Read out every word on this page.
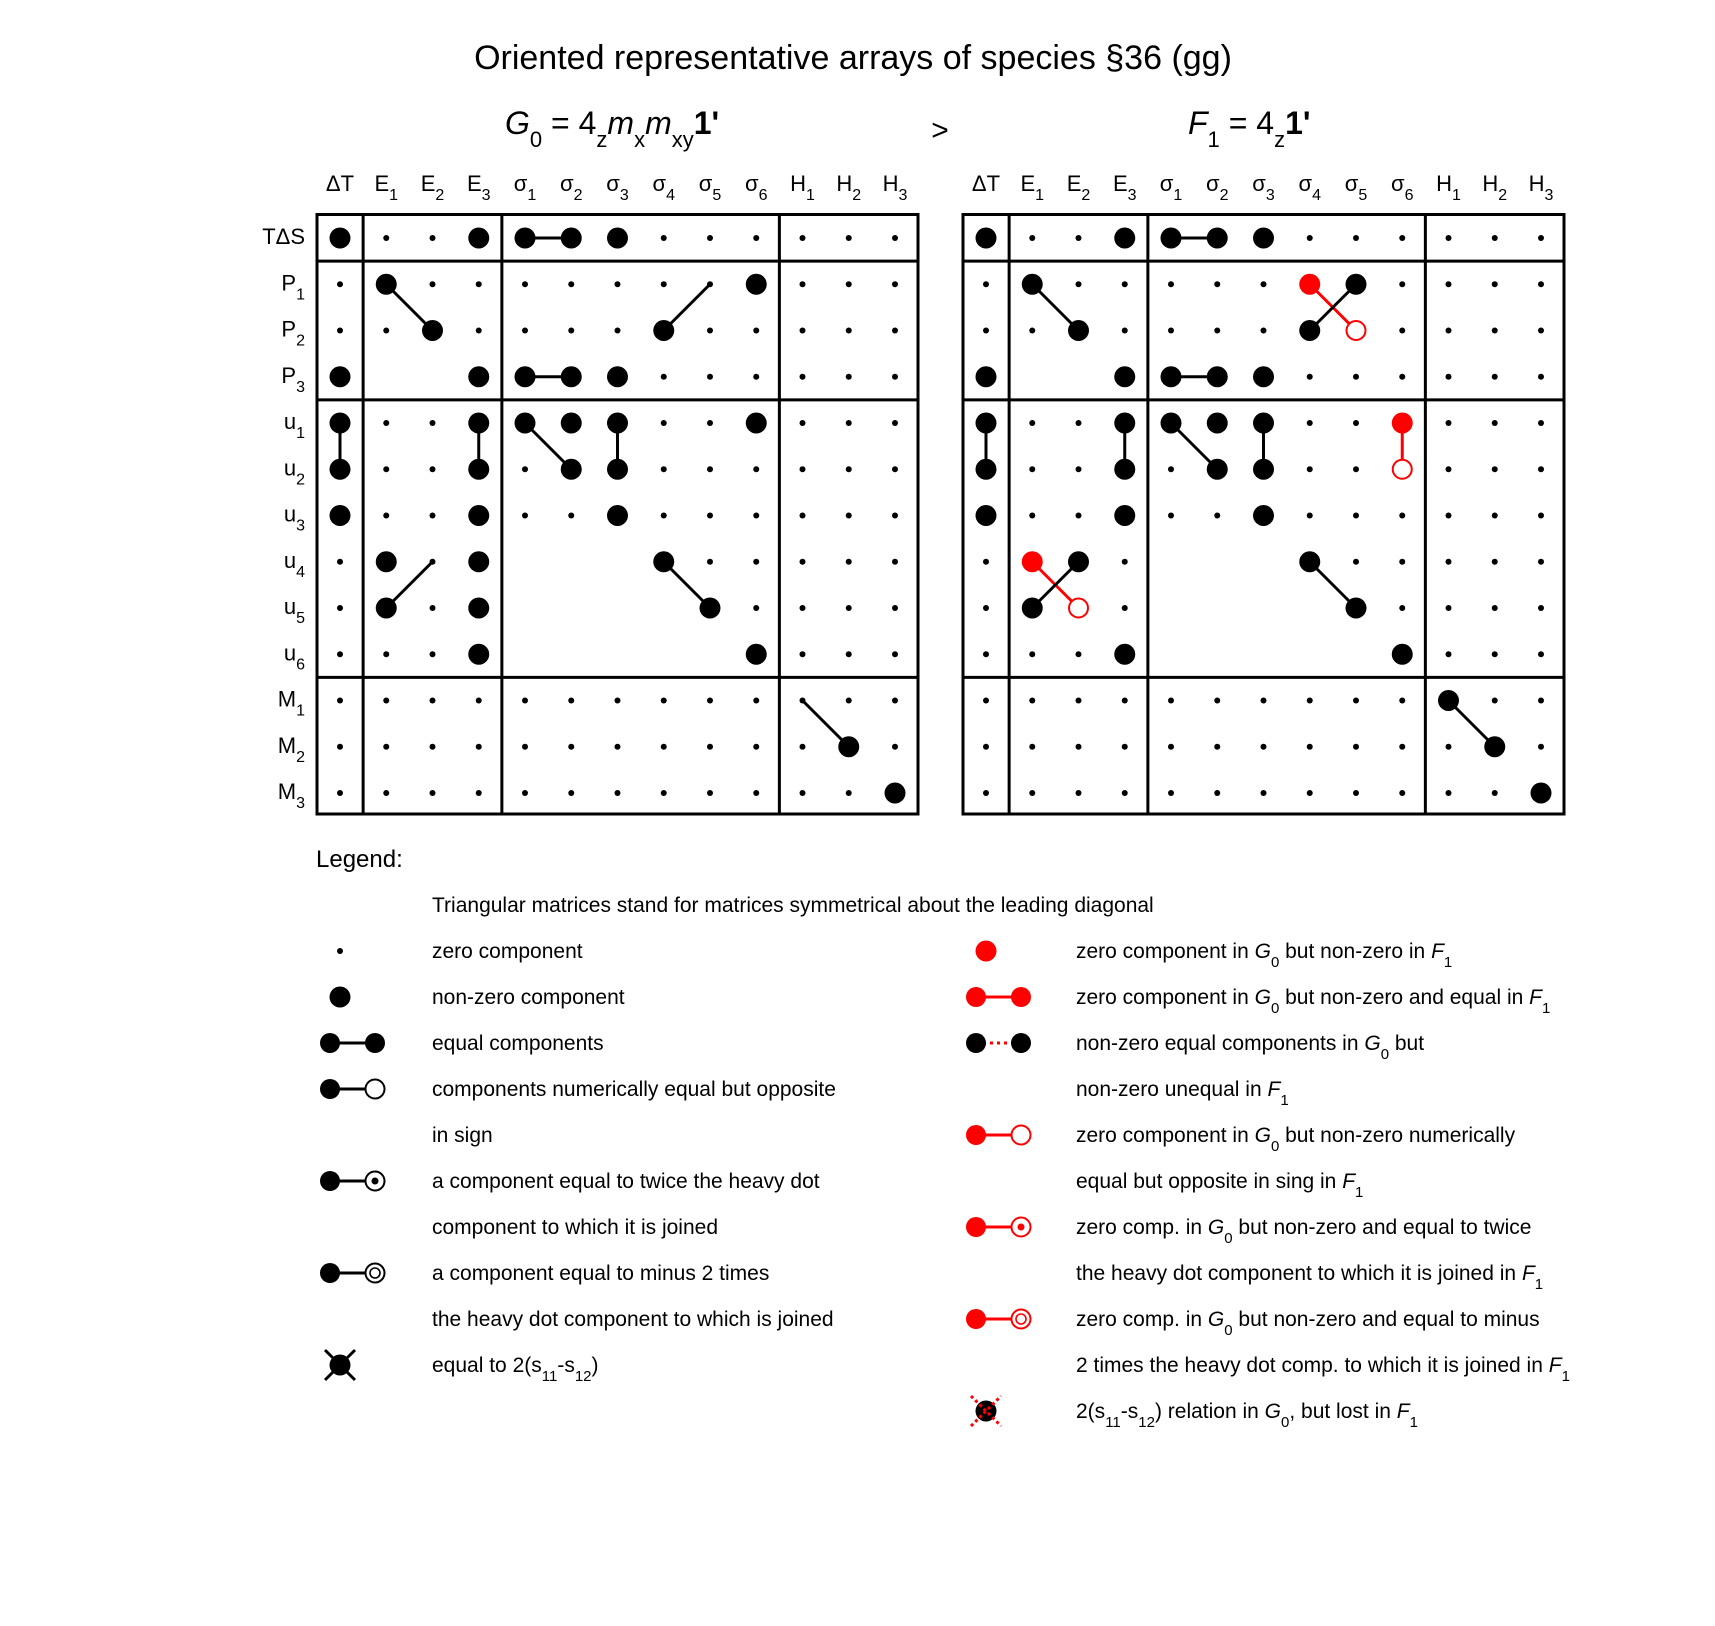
Oriented representative arrays of species §36 (gg)
>
$G_0 = 4_zm_xm_{xy}1'$	$F_1 = 4_z1'$
ΔT $E_1$ $E_2$ $E_3$ $\sigma_1$ $\sigma_2$ $\sigma_3$ $\sigma_4$ $\sigma_5$ $\sigma_6$ $H_1$ $H_2$ $H_3$
TΔS
$P_1$
$P_2$
$P_3$
$u_1$
$u_2$
$u_3$
$u_4$
$u_5$
$u_6$
$M_1$
$M_2$
$M_3$
ΔT $E_1$ $E_2$ $E_3$ $\sigma_1$ $\sigma_2$ $\sigma_3$ $\sigma_4$ $\sigma_5$ $\sigma_6$ $H_1$ $H_2$ $H_3$
Legend:
Triangular matrices stand for matrices symmetrical about the leading diagonal
zero component
non-zero component
equal components
components numerically equal but opposite
in sign
a component equal to twice the heavy dot
component to which it is joined
a component equal to minus 2 times
the heavy dot component to which is joined
equal to $2(s_{11}-s_{12})$
zero component in $G_0$ but non-zero in $F_1$
zero component in $G_0$ but non-zero and equal in $F_1$
non-zero equal components in $G_0$ but
non-zero unequal in $F_1$
zero component in $G_0$ but non-zero numerically
equal but opposite in sing in $F_1$
zero comp. in $G_0$ but non-zero and equal to twice
the heavy dot component to which it is joined in $F_1$
zero comp. in $G_0$ but non-zero and equal to minus
2 times the heavy dot comp. to which it is joined in $F_1$
$2(s_{11}-s_{12})$ relation in $G_0$, but lost in $F_1$
